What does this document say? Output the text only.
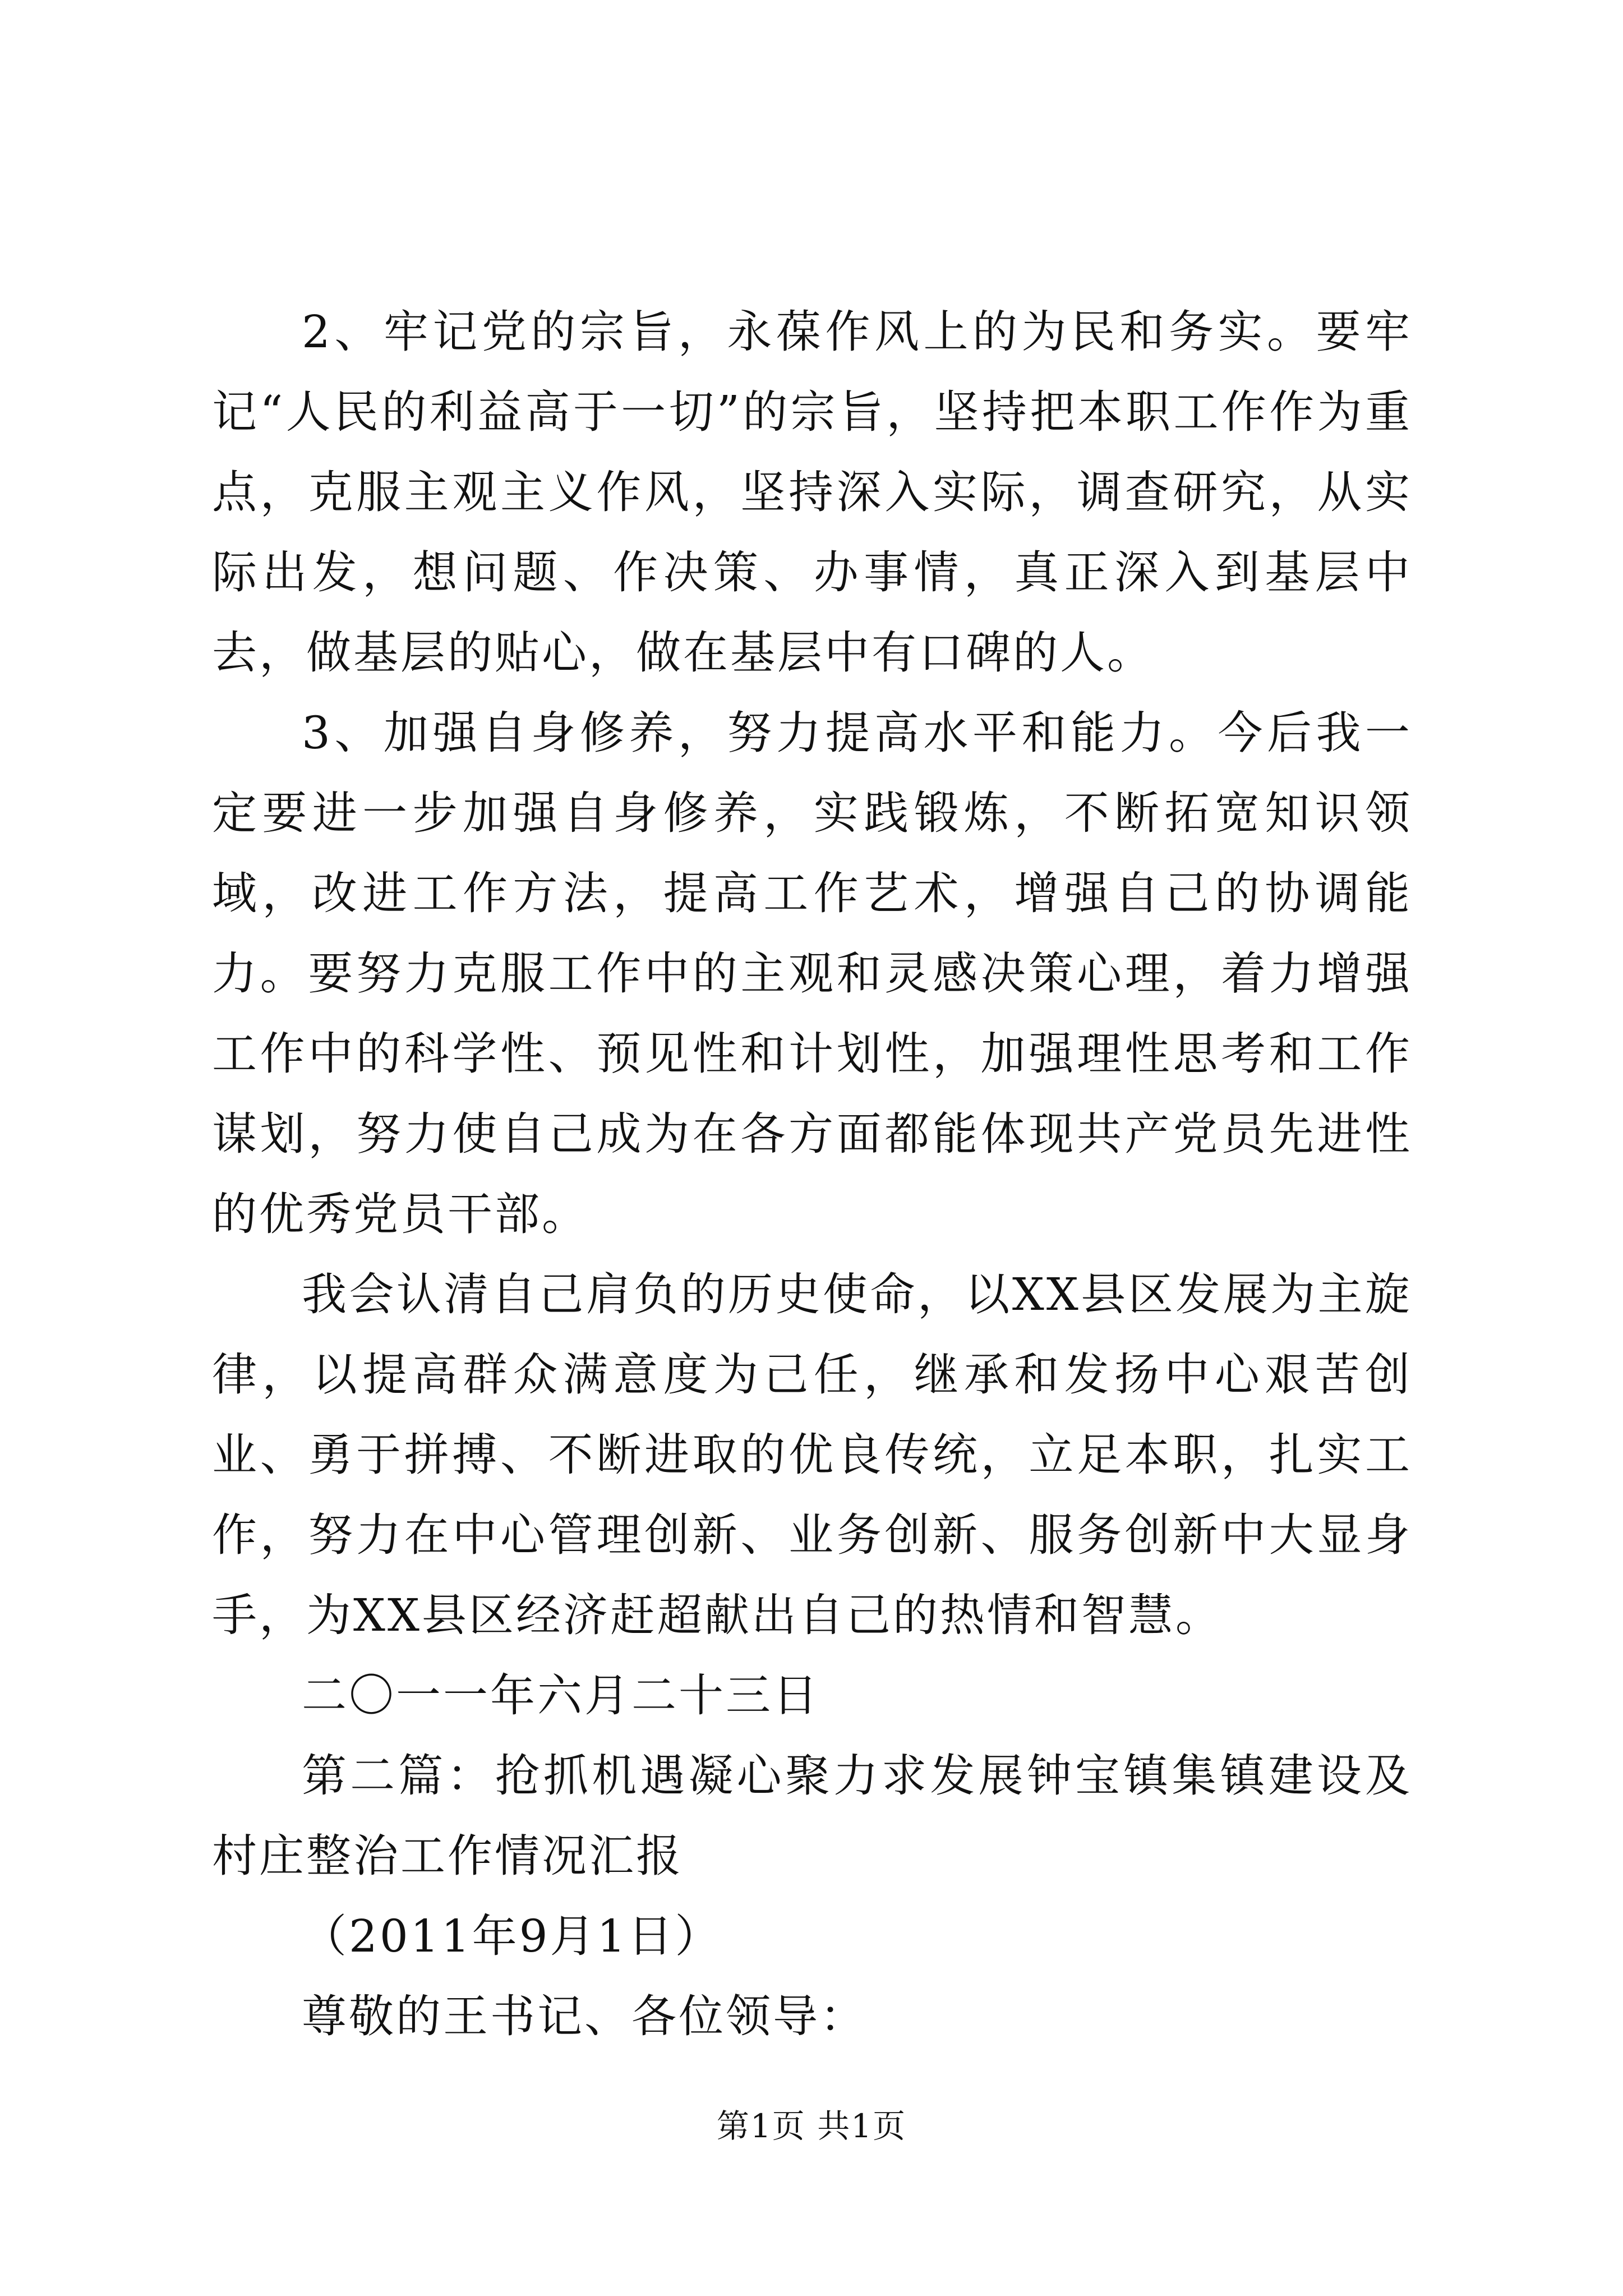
2、牢记党的宗旨，永葆作风上的为民和务实。要牢记“人民的利益高于一切”的宗旨，坚持把本职工作作为重点，克服主观主义作风，坚持深入实际，调查研究，从实际出发，想问题、作决策、办事情，真正深入到基层中去，做基层的贴心，做在基层中有口碑的人。

3、加强自身修养，努力提高水平和能力。今后我一定要进一步加强自身修养，实践锻炼，不断拓宽知识领域，改进工作方法，提高工作艺术，增强自己的协调能力。要努力克服工作中的主观和灵感决策心理，着力增强工作中的科学性、预见性和计划性，加强理性思考和工作谋划，努力使自己成为在各方面都能体现共产党员先进性的优秀党员干部。

我会认清自己肩负的历史使命，以XX县区发展为主旋律，以提高群众满意度为己任，继承和发扬中心艰苦创业、勇于拼搏、不断进取的优良传统，立足本职，扎实工作，努力在中心管理创新、业务创新、服务创新中大显身手，为XX县区经济赶超献出自己的热情和智慧。

二〇一一年六月二十三日

第二篇：抢抓机遇凝心聚力求发展钟宝镇集镇建设及村庄整治工作情况汇报

（2011年9月1日）

尊敬的王书记、各位领导：

第1页 共1页
